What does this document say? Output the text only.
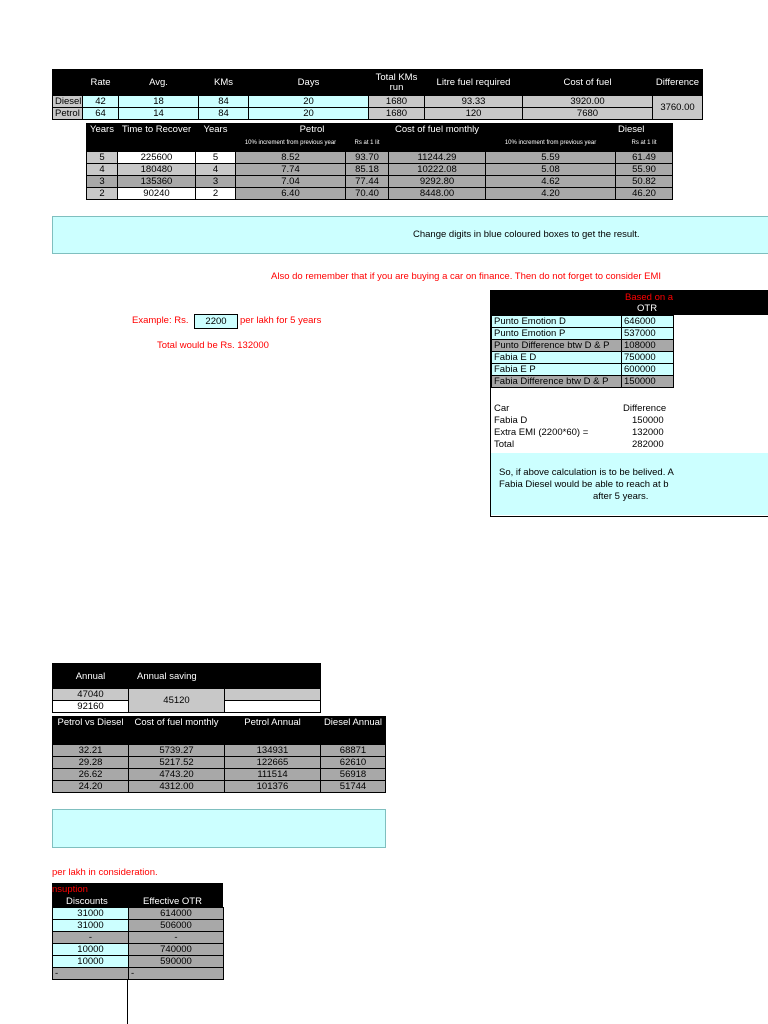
	Rate	Avg.	KMs	Days	Total KMs run	Litre fuel required	Cost of fuel	Difference
Diesel	42	18	84	20	1680	93.33	3920.00	3760.00
Petrol	64	14	84	20	1680	120	7680	
Years	Time to Recover	Years	Petrol		Cost of fuel monthly		Diesel
			10% increment from previous year	Rs at 1 lit		10% increment from previous year	Rs at 1 lit
5	225600	5	8.52	93.70	11244.29	5.59	61.49
4	180480	4	7.74	85.18	10222.08	5.08	55.90
3	135360	3	7.04	77.44	9292.80	4.62	50.82
2	90240	2	6.40	70.40	8448.00	4.20	46.20
Change digits in blue coloured boxes to get the result.
Also do remember that if you are buying a car on finance. Then do not forget to consider EMI
Example: Rs.	2200	per lakh for 5 years
Total would be Rs. 132000
Based on a
OTR
Punto Emotion D	646000
Punto Emotion P	537000
Punto Difference btw D & P	108000
Fabia E D	750000
Fabia E P	600000
Fabia Difference btw D & P	150000
Car	Difference
Fabia D	150000
Extra EMI (2200*60) =	132000
Total	282000
So, if above calculation is to be belived. A
Fabia Diesel would be able to reach at b
after 5 years.
Annual	Annual saving	
47040	45120	
92160		
Petrol vs Diesel	Cost of fuel monthly	Petrol Annual	Diesel Annual

32.21	5739.27	134931	68871
29.28	5217.52	122665	62610
26.62	4743.20	111514	56918
24.20	4312.00	101376	51744
per lakh in consideration.
nsuption
Discounts	Effective OTR
31000	614000
31000	506000
-	-
10000	740000
10000	590000
-	-
